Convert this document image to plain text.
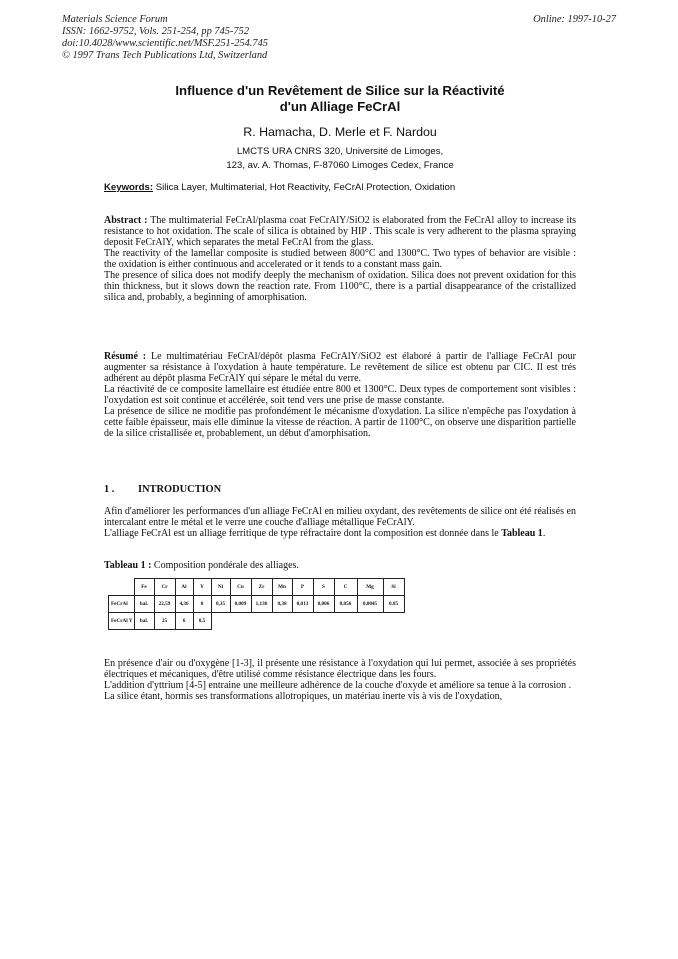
Materials Science Forum
ISSN: 1662-9752, Vols. 251-254, pp 745-752
doi:10.4028/www.scientific.net/MSF.251-254.745
© 1997 Trans Tech Publications Ltd, Switzerland
Online: 1997-10-27
Influence d'un Revêtement de Silice sur la Réactivité
d'un Alliage FeCrAl
R. Hamacha, D. Merle et F. Nardou
LMCTS URA CNRS 320, Université de Limoges,
123, av. A. Thomas, F-87060 Limoges Cedex, France
Keywords: Silica Layer, Multimaterial, Hot Reactivity, FeCrAl Protection, Oxidation

Abstract : The multimaterial FeCrAl/plasma coat FeCrAlY/SiO2 is elaborated from the FeCrAl alloy to increase its resistance to hot oxidation. The scale of silica is obtained by HIP . This scale is very adherent to the plasma spraying deposit FeCrAlY, which separates the metal FeCrAl from the glass.

The reactivity of the lamellar composite is studied between 800°C and 1300°C. Two types of behavior are visible : the oxidation is either continuous and accelerated or it tends to a constant mass gain.

The presence of silica does not modify deeply the mechanism of oxidation. Silica does not prevent oxidation for this thin thickness, but it slows down the reaction rate. From 1100°C, there is a partial disappearance of the cristallized silica and, probably, a beginning of amorphisation.

Résumé : Le multimatériau FeCrAl/dépôt plasma FeCrAlY/SiO2 est élaboré à partir de l'alliage FeCrAl pour augmenter sa résistance à l'oxydation à haute température. Le revêtement de silice est obtenu par CIC. Il est trés adhérent au dépôt plasma FeCrAlY qui sépare le métal du verre.

La réactivité de ce composite lamellaire est étudiée entre 800 et 1300°C. Deux types de comportement sont visibles : l'oxydation est soit continue et accélérée, soit tend vers une prise de masse constante.

La présence de silice ne modifie pas profondément le mécanisme d'oxydation. La silice n'empêche pas l'oxydation à cette faible épaisseur, mais elle diminue la vitesse de réaction. A partir de 1100°C, on observe une disparition partielle de la silice cristallisée et, probablement, un début d'amorphisation.

1 . INTRODUCTION

Afin d'améliorer les performances d'un alliage FeCrAl en milieu oxydant, des revêtements de silice ont été réalisés en intercalant entre le métal et le verre une couche d'alliage métallique FeCrAlY.

L'alliage FeCrAl est un alliage ferritique de type réfractaire dont la composition est donnée dans le Tableau 1.

Tableau 1 : Composition pondérale des alliages.
	Fe	Cr	Al	Y	Ni	Cu	Zr	Mn	P	S	C	Mg	Si
FeCrAl	bal.	22,59	4,36	0	0,35	0,009	1,136	0,38	0,013	0,006	0,056	0,0045	0,85
FeCrAl Y	bal.	25	6	0,5									

En présence d'air ou d'oxygène [1-3], il présente une résistance à l'oxydation qui lui permet, associée à ses propriétés électriques et mécaniques, d'être utilisé comme résistance électrique dans les fours.

L'addition d'yttrium [4-5] entraine une meilleure adhérence de la couche d'oxyde et améliore sa tenue à la corrosion .

La silice étant, hormis ses transformations allotropiques, un matériau inerte vis à vis de l'oxydation,
